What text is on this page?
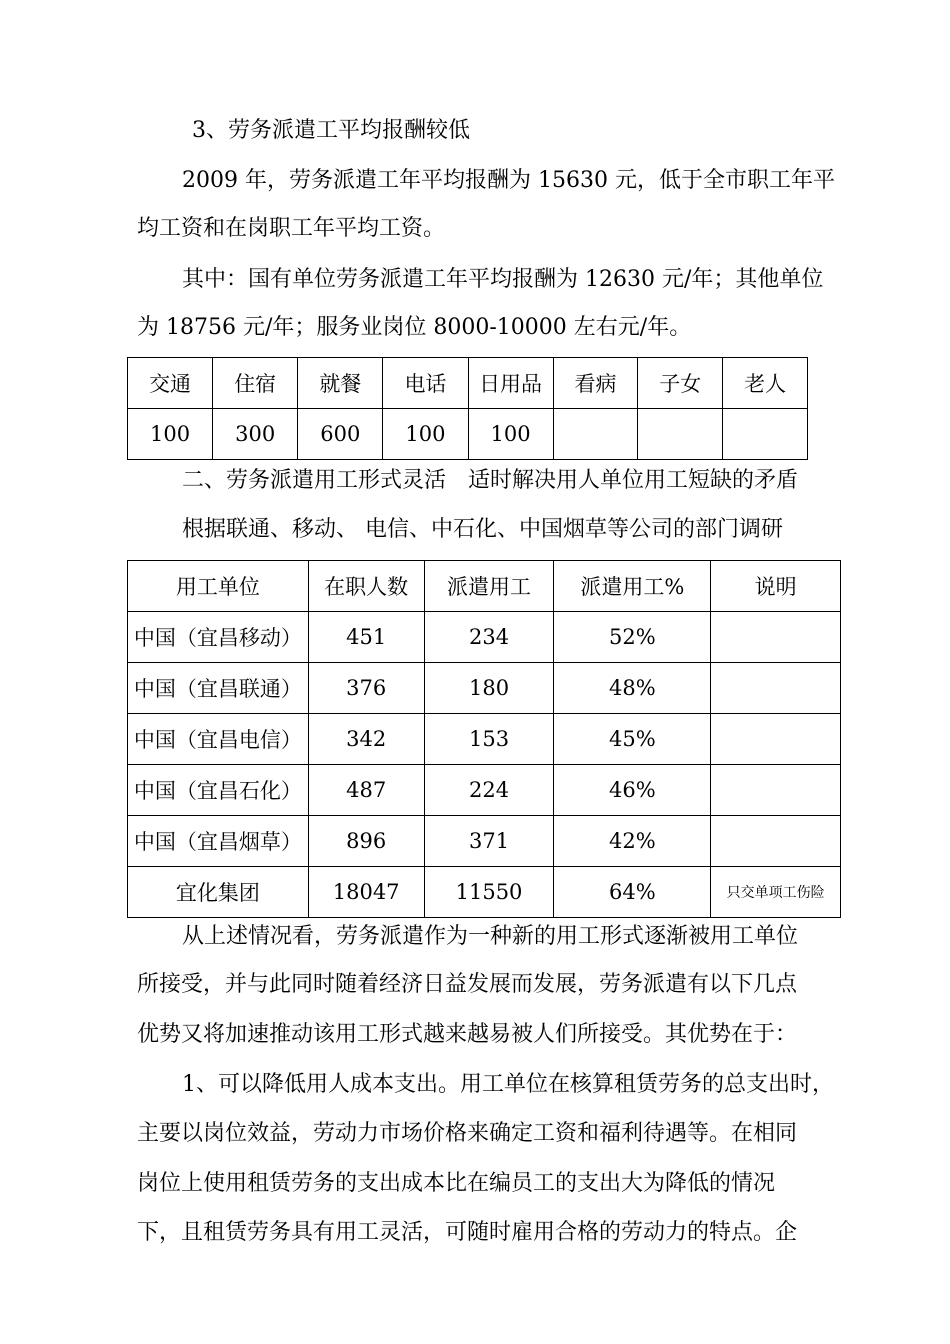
3、劳务派遣工平均报酬较低
2009 年，劳务派遣工年平均报酬为 15630 元，低于全市职工年平
均工资和在岗职工年平均工资。
其中：国有单位劳务派遣工年平均报酬为 12630 元/年；其他单位
为 18756 元/年；服务业岗位 8000-10000 左右元/年。
交通	住宿	就餐	电话	日用品	看病	子女	老人
100	300	600	100	100			
二、劳务派遣用工形式灵活　适时解决用人单位用工短缺的矛盾
根据联通、移动、 电信、中石化、中国烟草等公司的部门调研
用工单位	在职人数	派遣用工	派遣用工%	说明
中国（宜昌移动）	451	234	52%	
中国（宜昌联通）	376	180	48%	
中国（宜昌电信）	342	153	45%	
中国（宜昌石化）	487	224	46%	
中国（宜昌烟草）	896	371	42%	
宜化集团	18047	11550	64%	只交单项工伤险
从上述情况看，劳务派遣作为一种新的用工形式逐渐被用工单位
所接受，并与此同时随着经济日益发展而发展，劳务派遣有以下几点
优势又将加速推动该用工形式越来越易被人们所接受。其优势在于：
1、可以降低用人成本支出。用工单位在核算租赁劳务的总支出时，
主要以岗位效益，劳动力市场价格来确定工资和福利待遇等。在相同
岗位上使用租赁劳务的支出成本比在编员工的支出大为降低的情况
下，且租赁劳务具有用工灵活，可随时雇用合格的劳动力的特点。企
